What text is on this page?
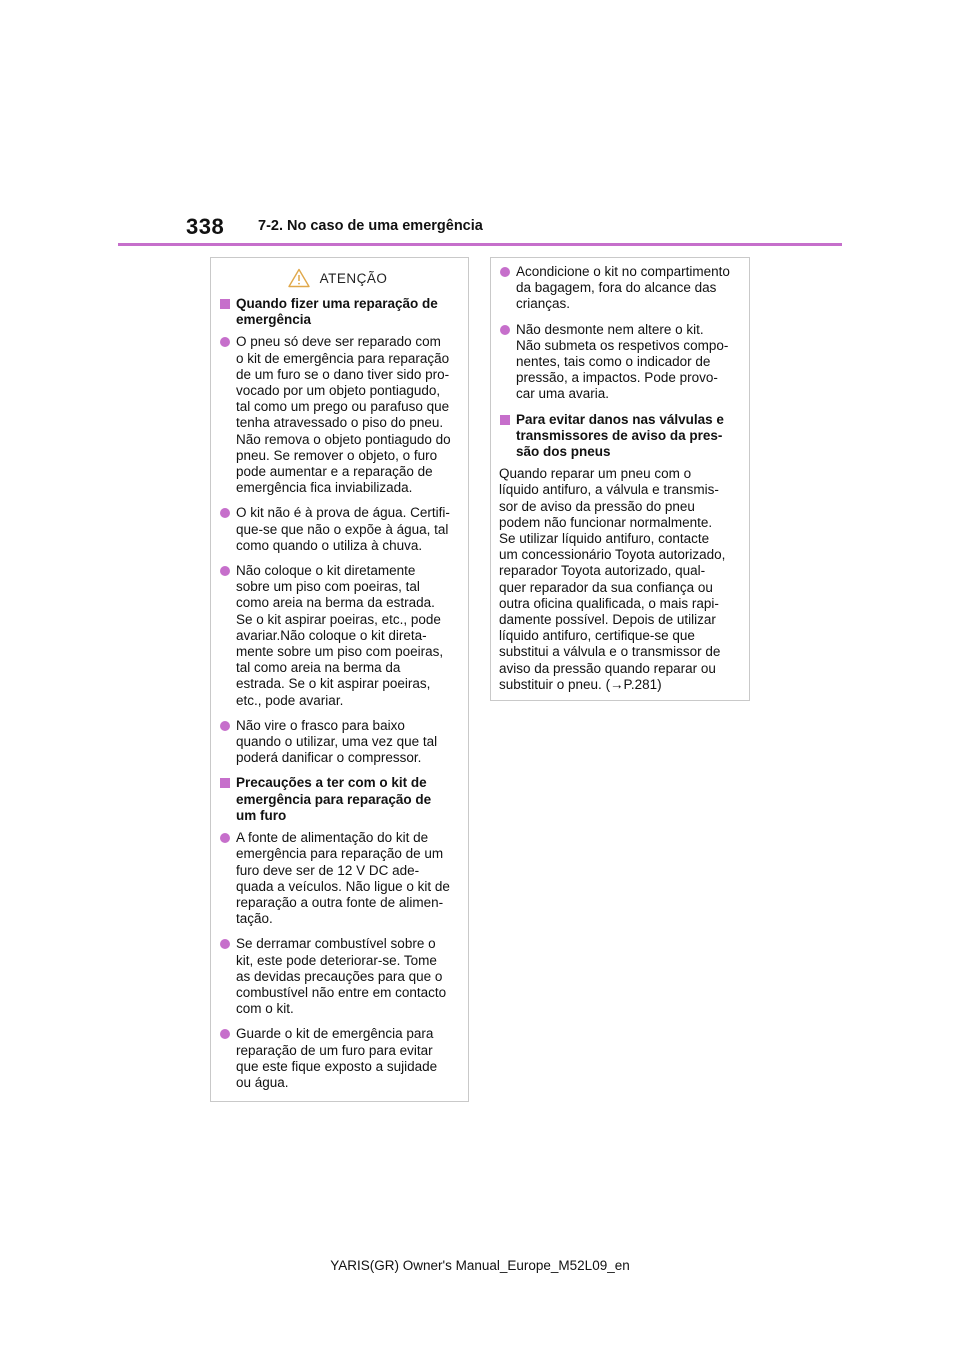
338 7-2. No caso de uma emergência
ATENÇÃO
Quando fizer uma reparação de
emergência
O pneu só deve ser reparado com
o kit de emergência para reparação
de um furo se o dano tiver sido pro-
vocado por um objeto pontiagudo,
tal como um prego ou parafuso que
tenha atravessado o piso do pneu.
Não remova o objeto pontiagudo do
pneu. Se remover o objeto, o furo
pode aumentar e a reparação de
emergência fica inviabilizada.
O kit não é à prova de água. Certifi-
que-se que não o expõe à água, tal
como quando o utiliza à chuva.
Não coloque o kit diretamente
sobre um piso com poeiras, tal
como areia na berma da estrada.
Se o kit aspirar poeiras, etc., pode
avariar.Não coloque o kit direta-
mente sobre um piso com poeiras,
tal como areia na berma da
estrada. Se o kit aspirar poeiras,
etc., pode avariar.
Não vire o frasco para baixo
quando o utilizar, uma vez que tal
poderá danificar o compressor.
Precauções a ter com o kit de
emergência para reparação de
um furo
A fonte de alimentação do kit de
emergência para reparação de um
furo deve ser de 12 V DC ade-
quada a veículos. Não ligue o kit de
reparação a outra fonte de alimen-
tação.
Se derramar combustível sobre o
kit, este pode deteriorar-se. Tome
as devidas precauções para que o
combustível não entre em contacto
com o kit.
Guarde o kit de emergência para
reparação de um furo para evitar
que este fique exposto a sujidade
ou água.
Acondicione o kit no compartimento
da bagagem, fora do alcance das
crianças.
Não desmonte nem altere o kit.
Não submeta os respetivos compo-
nentes, tais como o indicador de
pressão, a impactos. Pode provo-
car uma avaria.
Para evitar danos nas válvulas e
transmissores de aviso da pres-
são dos pneus
Quando reparar um pneu com o
líquido antifuro, a válvula e transmis-
sor de aviso da pressão do pneu
podem não funcionar normalmente.
Se utilizar líquido antifuro, contacte
um concessionário Toyota autorizado,
reparador Toyota autorizado, qual-
quer reparador da sua confiança ou
outra oficina qualificada, o mais rapi-
damente possível. Depois de utilizar
líquido antifuro, certifique-se que
substitui a válvula e o transmissor de
aviso da pressão quando reparar ou
substituir o pneu. (→P.281)
YARIS(GR) Owner's Manual_Europe_M52L09_en
